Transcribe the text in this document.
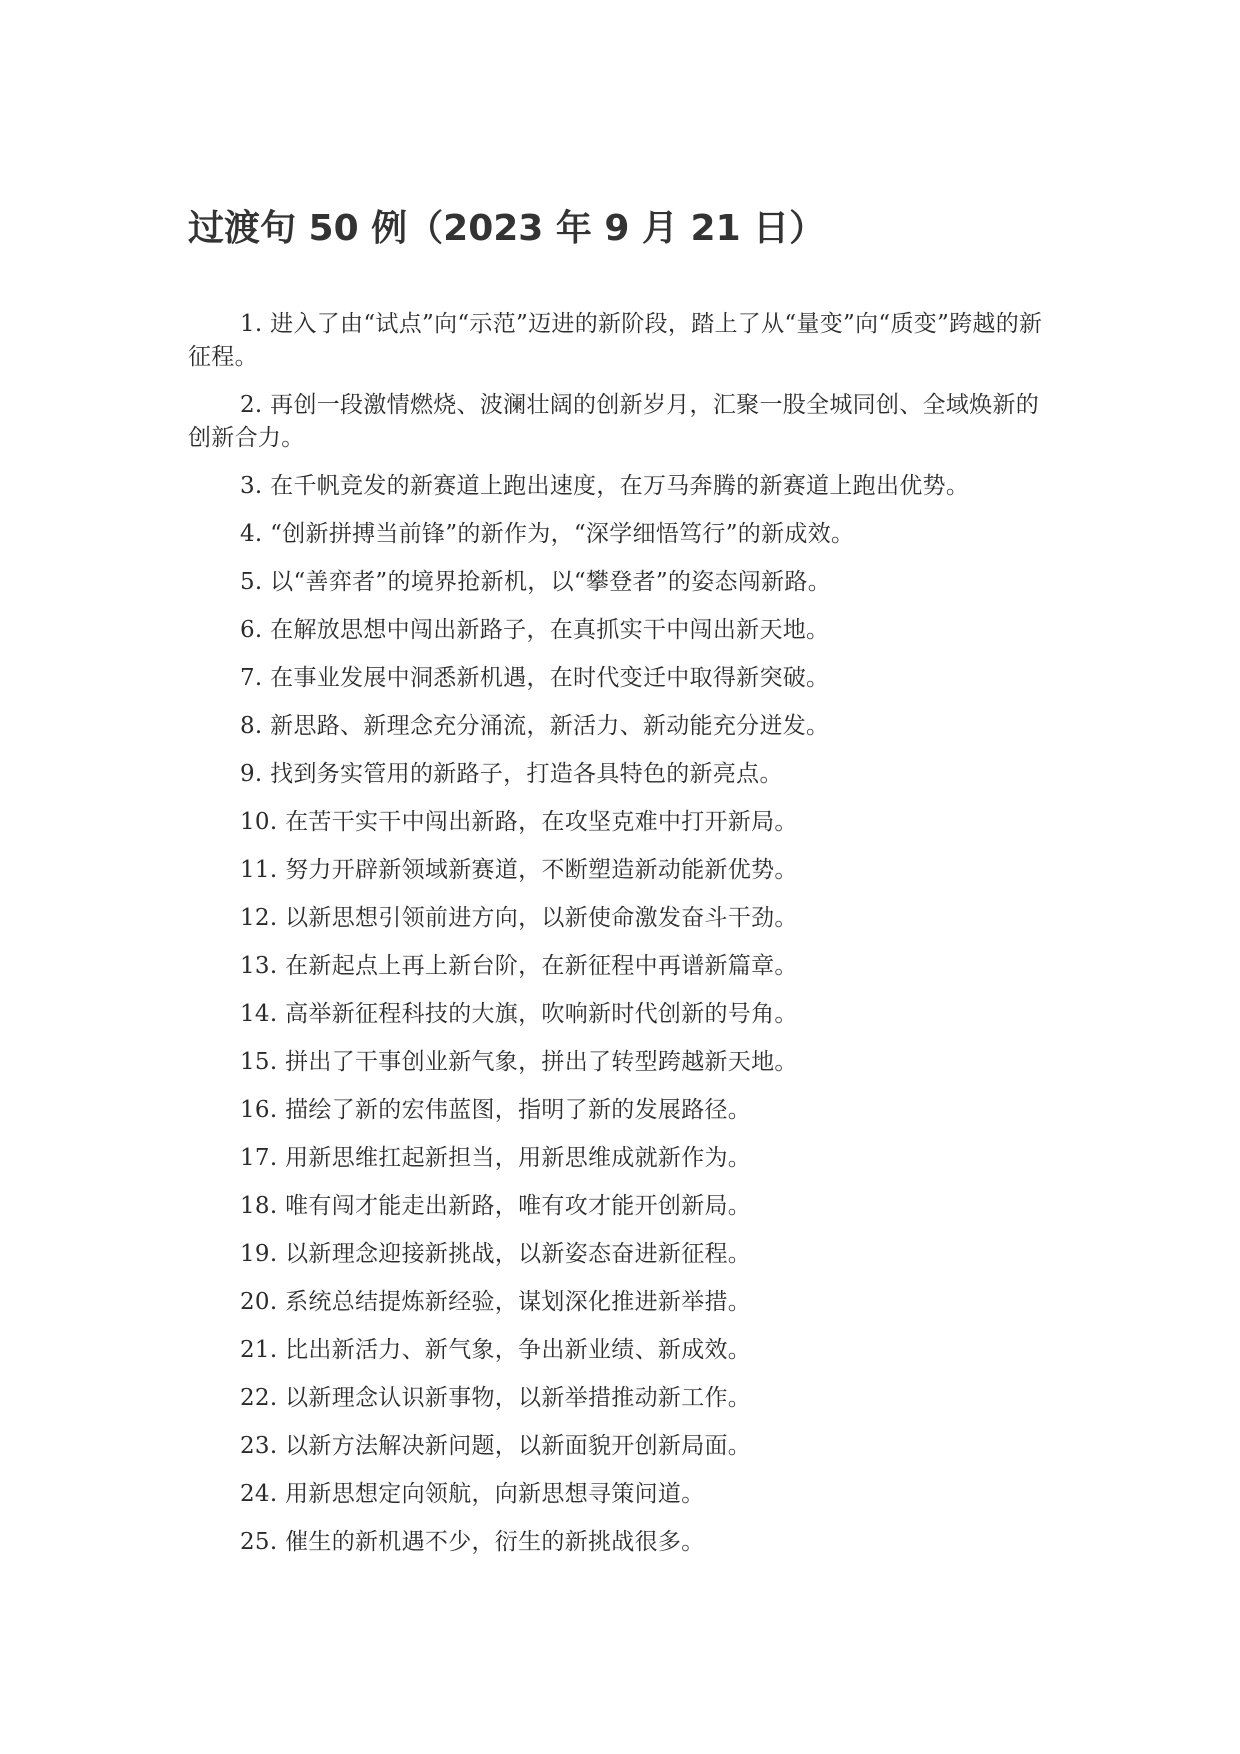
过渡句 50 例（2023 年 9 月 21 日）

1. 进入了由“试点”向“示范”迈进的新阶段，踏上了从“量变”向“质变”跨越的新征程。

2. 再创一段激情燃烧、波澜壮阔的创新岁月，汇聚一股全城同创、全域焕新的创新合力。

3. 在千帆竞发的新赛道上跑出速度，在万马奔腾的新赛道上跑出优势。

4. “创新拼搏当前锋”的新作为，“深学细悟笃行”的新成效。

5. 以“善弈者”的境界抢新机，以“攀登者”的姿态闯新路。

6. 在解放思想中闯出新路子，在真抓实干中闯出新天地。

7. 在事业发展中洞悉新机遇，在时代变迁中取得新突破。

8. 新思路、新理念充分涌流，新活力、新动能充分迸发。

9. 找到务实管用的新路子，打造各具特色的新亮点。

10. 在苦干实干中闯出新路，在攻坚克难中打开新局。

11. 努力开辟新领域新赛道，不断塑造新动能新优势。

12. 以新思想引领前进方向，以新使命激发奋斗干劲。

13. 在新起点上再上新台阶，在新征程中再谱新篇章。

14. 高举新征程科技的大旗，吹响新时代创新的号角。

15. 拼出了干事创业新气象，拼出了转型跨越新天地。

16. 描绘了新的宏伟蓝图，指明了新的发展路径。

17. 用新思维扛起新担当，用新思维成就新作为。

18. 唯有闯才能走出新路，唯有攻才能开创新局。

19. 以新理念迎接新挑战，以新姿态奋进新征程。

20. 系统总结提炼新经验，谋划深化推进新举措。

21. 比出新活力、新气象，争出新业绩、新成效。

22. 以新理念认识新事物，以新举措推动新工作。

23. 以新方法解决新问题，以新面貌开创新局面。

24. 用新思想定向领航，向新思想寻策问道。

25. 催生的新机遇不少，衍生的新挑战很多。
